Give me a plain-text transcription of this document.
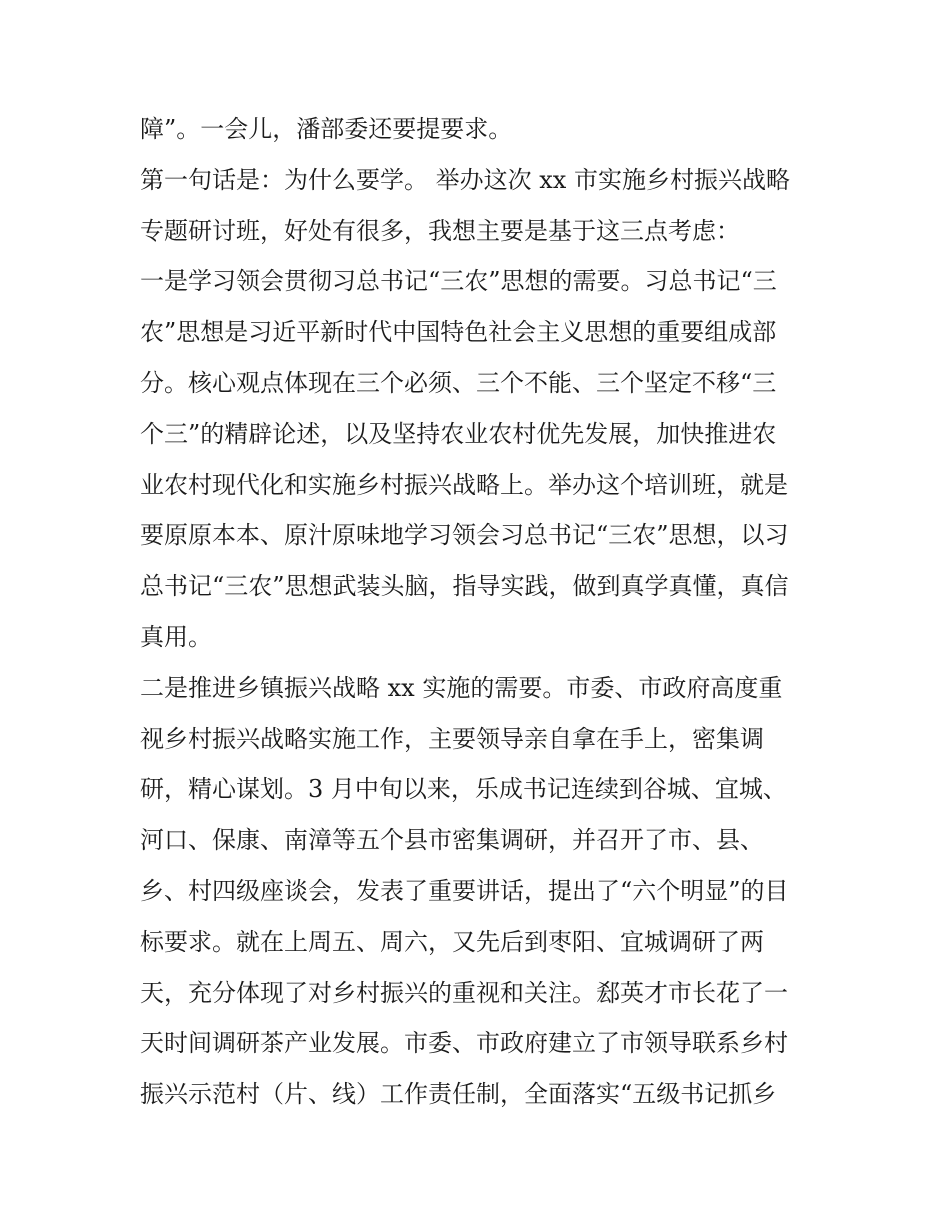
障”。一会儿，潘部委还要提要求。
第一句话是：为什么要学。 举办这次 xx 市实施乡村振兴战略
专题研讨班，好处有很多，我想主要是基于这三点考虑：
一是学习领会贯彻习总书记“三农”思想的需要。习总书记“三
农”思想是习近平新时代中国特色社会主义思想的重要组成部
分。核心观点体现在三个必须、三个不能、三个坚定不移“三
个三”的精辟论述，以及坚持农业农村优先发展，加快推进农
业农村现代化和实施乡村振兴战略上。举办这个培训班，就是
要原原本本、原汁原味地学习领会习总书记“三农”思想，以习
总书记“三农”思想武装头脑，指导实践，做到真学真懂，真信
真用。
二是推进乡镇振兴战略 xx 实施的需要。市委、市政府高度重
视乡村振兴战略实施工作，主要领导亲自拿在手上，密集调
研，精心谋划。3 月中旬以来，乐成书记连续到谷城、宜城、
河口、保康、南漳等五个县市密集调研，并召开了市、县、
乡、村四级座谈会，发表了重要讲话，提出了“六个明显”的目
标要求。就在上周五、周六，又先后到枣阳、宜城调研了两
天，充分体现了对乡村振兴的重视和关注。郄英才市长花了一
天时间调研茶产业发展。市委、市政府建立了市领导联系乡村
振兴示范村（片、线）工作责任制，全面落实“五级书记抓乡
